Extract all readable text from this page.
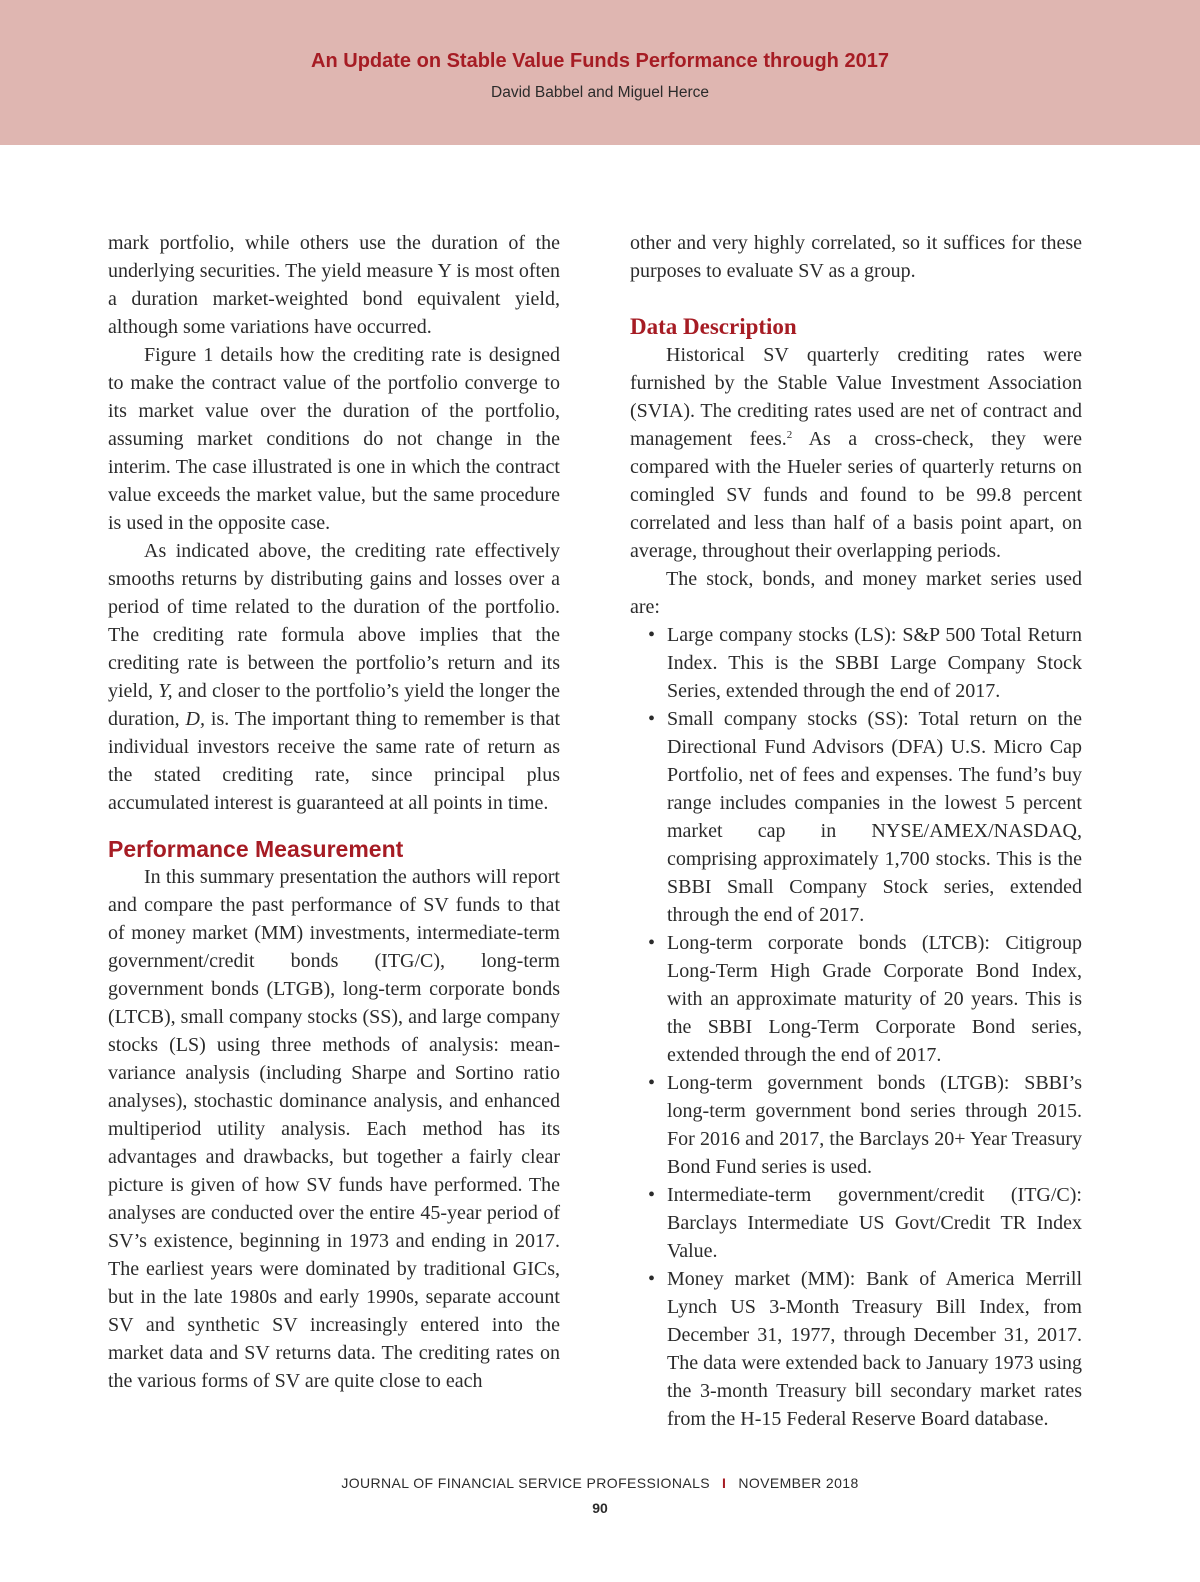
An Update on Stable Value Funds Performance through 2017
David Babbel and Miguel Herce

mark portfolio, while others use the duration of the underlying securities. The yield measure Y is most often a duration market-weighted bond equivalent yield, although some variations have occurred.

Figure 1 details how the crediting rate is designed to make the contract value of the portfolio converge to its market value over the duration of the portfolio, assuming market conditions do not change in the interim. The case illustrated is one in which the contract value exceeds the market value, but the same procedure is used in the opposite case.

As indicated above, the crediting rate effectively smooths returns by distributing gains and losses over a period of time related to the duration of the portfolio. The crediting rate formula above implies that the crediting rate is between the portfolio’s return and its yield, Y, and closer to the portfolio’s yield the longer the duration, D, is. The important thing to remember is that individual investors receive the same rate of return as the stated crediting rate, since principal plus accumulated interest is guaranteed at all points in time.

Performance Measurement

In this summary presentation the authors will report and compare the past performance of SV funds to that of money market (MM) investments, intermediate-term government/credit bonds (ITG/C), long-term government bonds (LTGB), long-term corporate bonds (LTCB), small company stocks (SS), and large company stocks (LS) using three methods of analysis: mean-variance analysis (including Sharpe and Sortino ratio analyses), stochastic dominance analysis, and enhanced multiperiod utility analysis. Each method has its advantages and drawbacks, but together a fairly clear picture is given of how SV funds have performed. The analyses are conducted over the entire 45-year period of SV’s existence, beginning in 1973 and ending in 2017. The earliest years were dominated by traditional GICs, but in the late 1980s and early 1990s, separate account SV and synthetic SV increasingly entered into the market data and SV returns data. The crediting rates on the various forms of SV are quite close to each

other and very highly correlated, so it suffices for these purposes to evaluate SV as a group.

Data Description

Historical SV quarterly crediting rates were furnished by the Stable Value Investment Association (SVIA). The crediting rates used are net of contract and management fees.$^2$ As a cross-check, they were compared with the Hueler series of quarterly returns on comingled SV funds and found to be 99.8 percent correlated and less than half of a basis point apart, on average, throughout their overlapping periods.

The stock, bonds, and money market series used are:

• Large company stocks (LS): S&P 500 Total Return Index. This is the SBBI Large Company Stock Series, extended through the end of 2017.
• Small company stocks (SS): Total return on the Directional Fund Advisors (DFA) U.S. Micro Cap Portfolio, net of fees and expenses. The fund’s buy range includes companies in the lowest 5 percent market cap in NYSE/AMEX/NASDAQ, comprising approximately 1,700 stocks. This is the SBBI Small Company Stock series, extended through the end of 2017.
• Long-term corporate bonds (LTCB): Citigroup Long-Term High Grade Corporate Bond Index, with an approximate maturity of 20 years. This is the SBBI Long-Term Corporate Bond series, extended through the end of 2017.
• Long-term government bonds (LTGB): SBBI’s long-term government bond series through 2015. For 2016 and 2017, the Barclays 20+ Year Treasury Bond Fund series is used.
• Intermediate-term government/credit (ITG/C): Barclays Intermediate US Govt/Credit TR Index Value.
• Money market (MM): Bank of America Merrill Lynch US 3-Month Treasury Bill Index, from December 31, 1977, through December 31, 2017. The data were extended back to January 1973 using the 3-month Treasury bill secondary market rates from the H-15 Federal Reserve Board database.
JOURNAL OF FINANCIAL SERVICE PROFESSIONALS I NOVEMBER 2018
90
